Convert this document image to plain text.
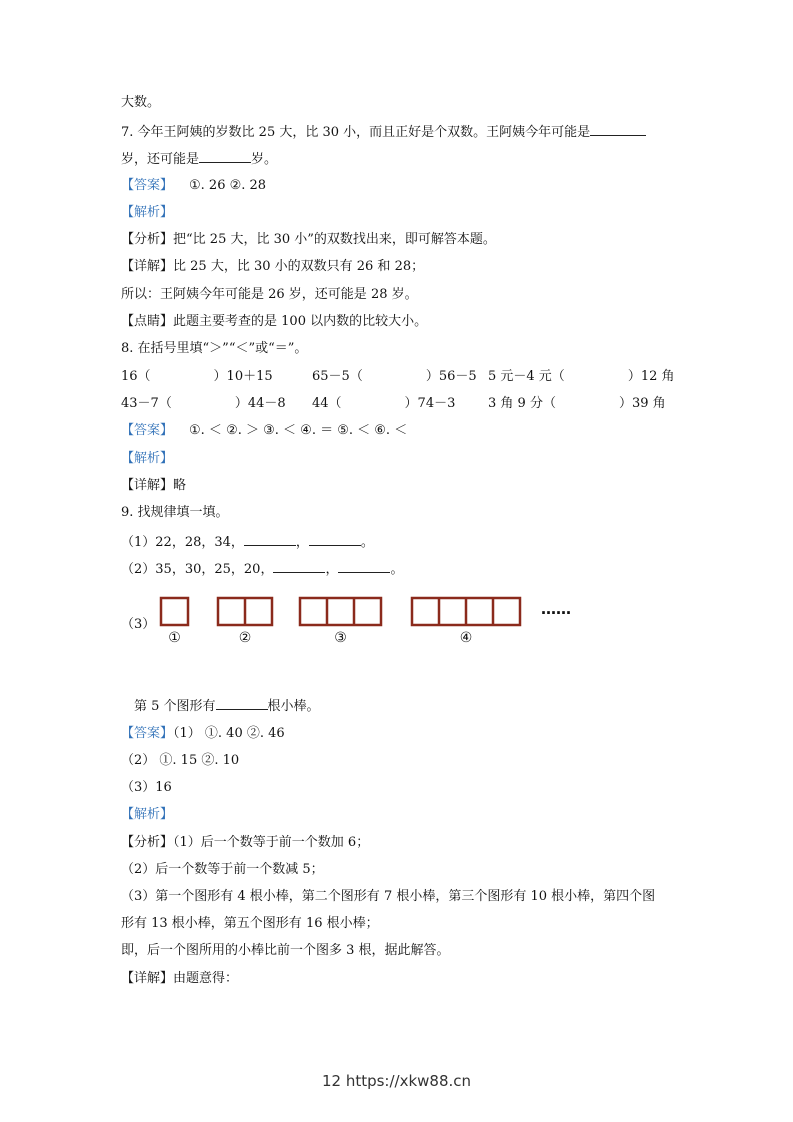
大数。
7. 今年王阿姨的岁数比 25 大，比 30 小，而且正好是个双数。王阿姨今年可能是
岁，还可能是	岁。
【答案】 ①. 26 ②. 28
【解析】
【分析】把“比 25 大，比 30 小”的双数找出来，即可解答本题。
【详解】比 25 大，比 30 小的双数只有 26 和 28；
所以：王阿姨今年可能是 26 岁，还可能是 28 岁。
【点睛】此题主要考查的是 100 以内数的比较大小。
8. 在括号里填“＞”“＜”或“＝”。
16（	）10＋15	65－5（	）56－5 5 元－4 元（	）12 角
43－7（	）44－8 44（	）74－3	3 角 9 分（	）39 角
【答案】 ①. ＜ ②. ＞ ③. ＜ ④. ＝ ⑤. ＜ ⑥. ＜
【解析】
【详解】略
9. 找规律填一填。
（1）22，28，34，	，	。
（2）35，30，25，20，	，	。
（3）
①	②	③	④
……
第 5 个图形有	根小棒。
【答案】（1） ①. 40 ②. 46
（2） ①. 15 ②. 10
（3）16
【解析】
【分析】（1）后一个数等于前一个数加 6；
（2）后一个数等于前一个数减 5；
（3）第一个图形有 4 根小棒，第二个图形有 7 根小棒，第三个图形有 10 根小棒，第四个图
形有 13 根小棒，第五个图形有 16 根小棒；
即，后一个图所用的小棒比前一个图多 3 根，据此解答。
【详解】由题意得：
12 https://xkw88.cn
